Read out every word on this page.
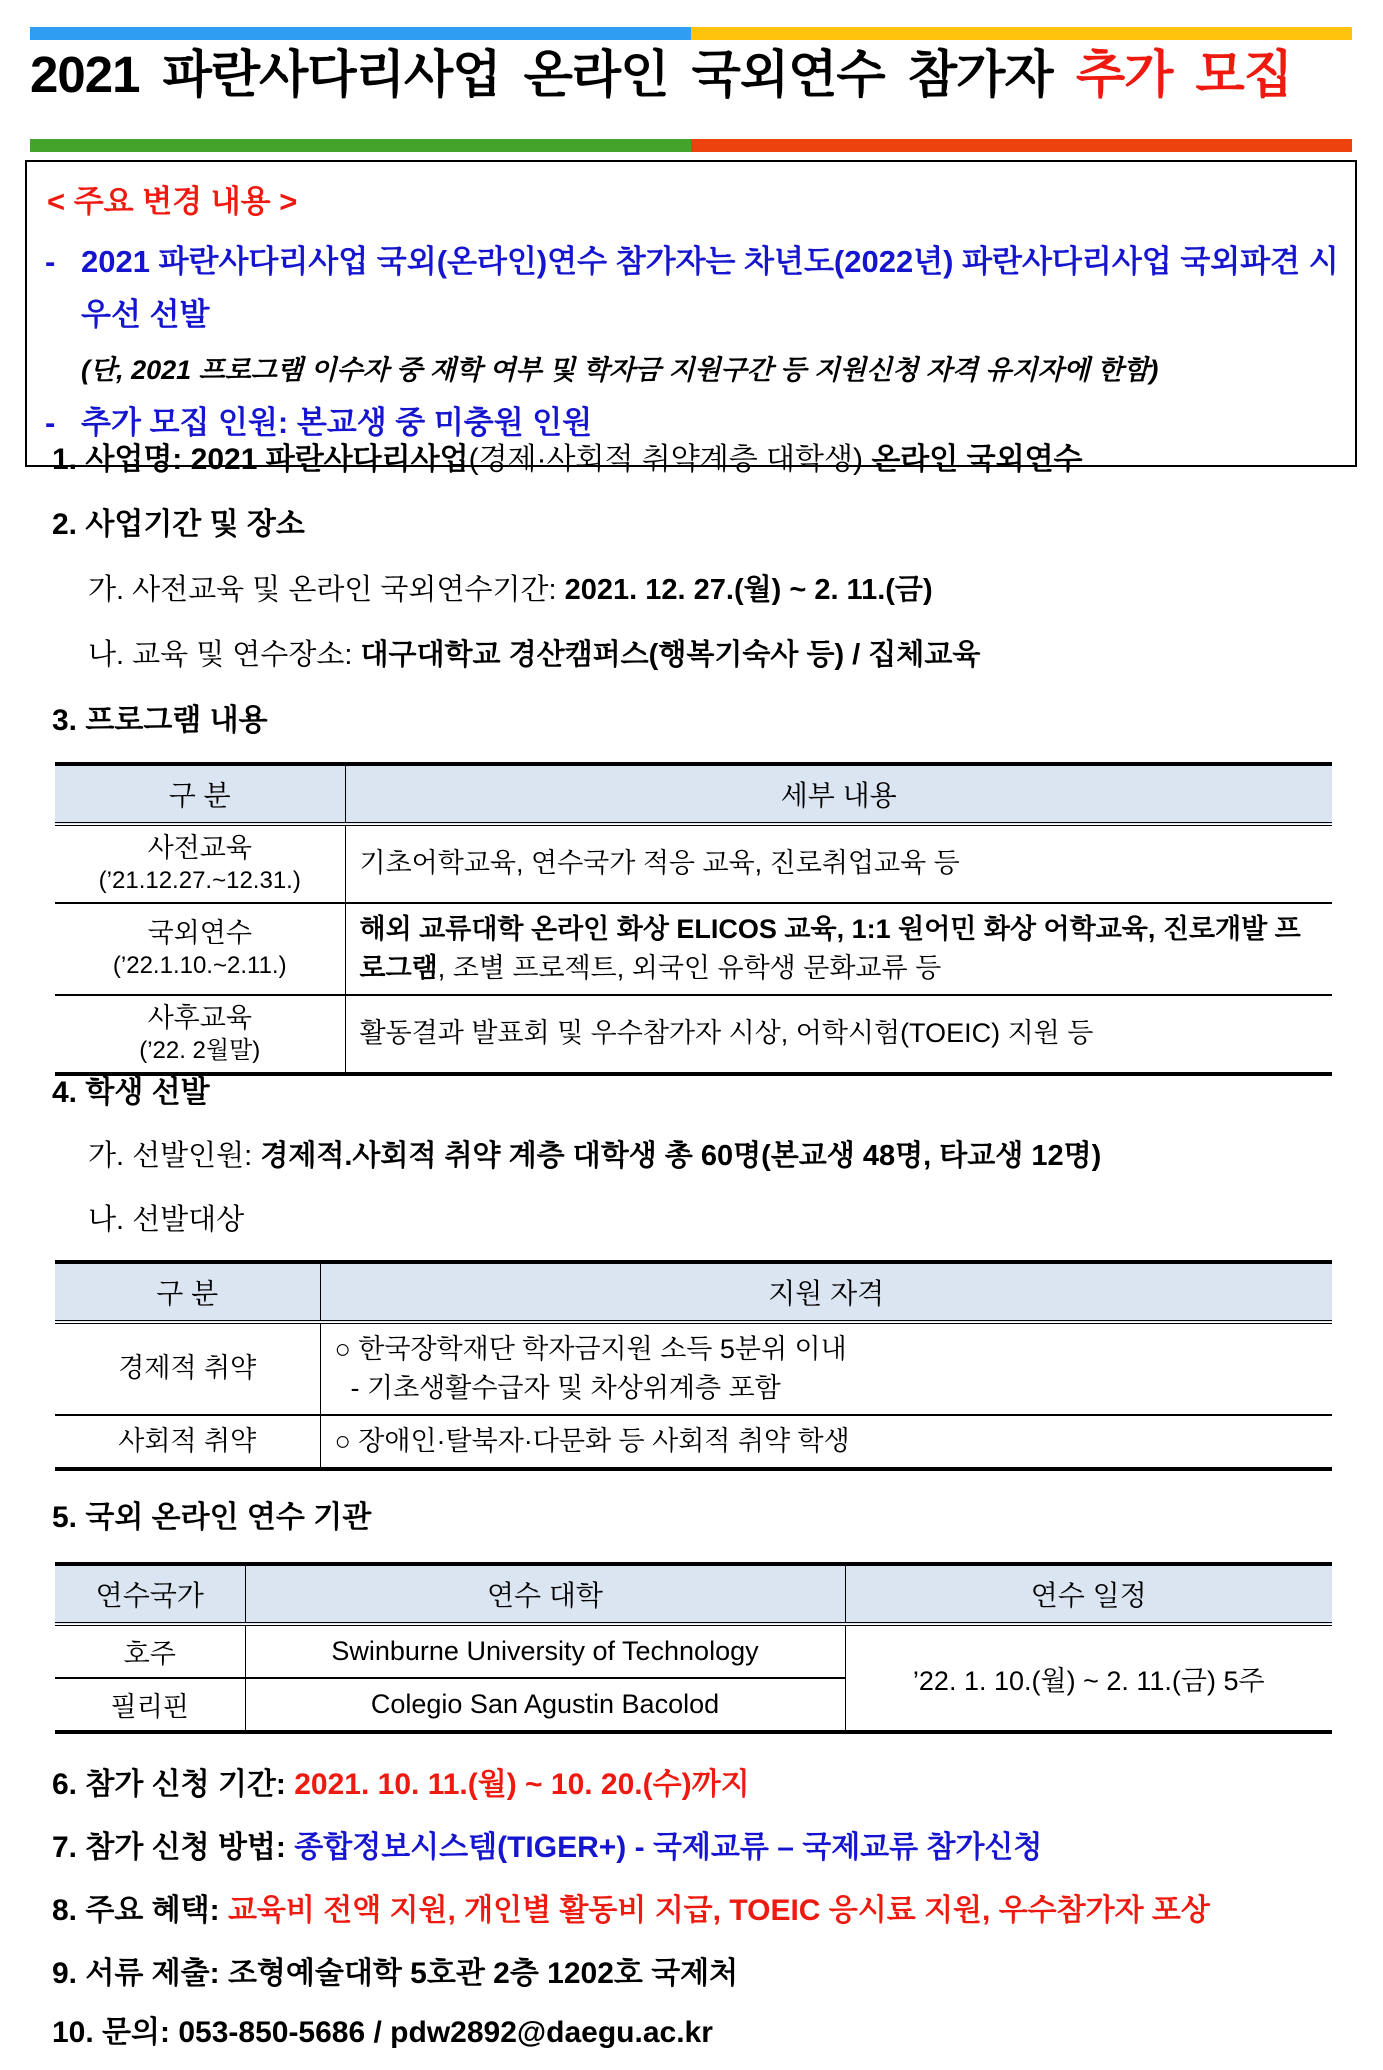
2021 파란사다리사업 온라인 국외연수 참가자 추가 모집
< 주요 변경 내용 >
- 2021 파란사다리사업 국외(온라인)연수 참가자는 차년도(2022년) 파란사다리사업 국외파견 시 우선 선발
(단, 2021 프로그램 이수자 중 재학 여부 및 학자금 지원구간 등 지원신청 자격 유지자에 한함)
- 추가 모집 인원: 본교생 중 미충원 인원
1. 사업명: 2021 파란사다리사업(경제·사회적 취약계층 대학생) 온라인 국외연수
2. 사업기간 및 장소
가. 사전교육 및 온라인 국외연수기간: 2021. 12. 27.(월) ~ 2. 11.(금)
나. 교육 및 연수장소: 대구대학교 경산캠퍼스(행복기숙사 등) / 집체교육
3. 프로그램 내용
구 분	세부 내용

사전교육
(’21.12.27.~12.31.)	기초어학교육, 연수국가 적응 교육, 진로취업교육 등

국외연수
(’22.1.10.~2.11.)	해외 교류대학 온라인 화상 ELICOS 교육, 1:1 원어민 화상 어학교육, 진로개발 프로그램, 조별 프로젝트, 외국인 유학생 문화교류 등

사후교육
(’22. 2월말)	활동결과 발표회 및 우수참가자 시상, 어학시험(TOEIC) 지원 등
4. 학생 선발
가. 선발인원: 경제적.사회적 취약 계층 대학생 총 60명(본교생 48명, 타교생 12명)
나. 선발대상
구 분	지원 자격
경제적 취약	○ 한국장학재단 학자금지원 소득 5분위 이내
- 기초생활수급자 및 차상위계층 포함

사회적 취약	○ 장애인·탈북자·다문화 등 사회적 취약 학생
5. 국외 온라인 연수 기관
연수국가	연수 대학	연수 일정
호주	Swinburne University of Technology	’22. 1. 10.(월) ~ 2. 11.(금) 5주
필리핀	Colegio San Agustin Bacolod	
6. 참가 신청 기간: 2021. 10. 11.(월) ~ 10. 20.(수)까지
7. 참가 신청 방법: 종합정보시스템(TIGER+) - 국제교류 – 국제교류 참가신청
8. 주요 혜택: 교육비 전액 지원, 개인별 활동비 지급, TOEIC 응시료 지원, 우수참가자 포상
9. 서류 제출: 조형예술대학 5호관 2층 1202호 국제처
10. 문의: 053-850-5686 / pdw2892@daegu.ac.kr
